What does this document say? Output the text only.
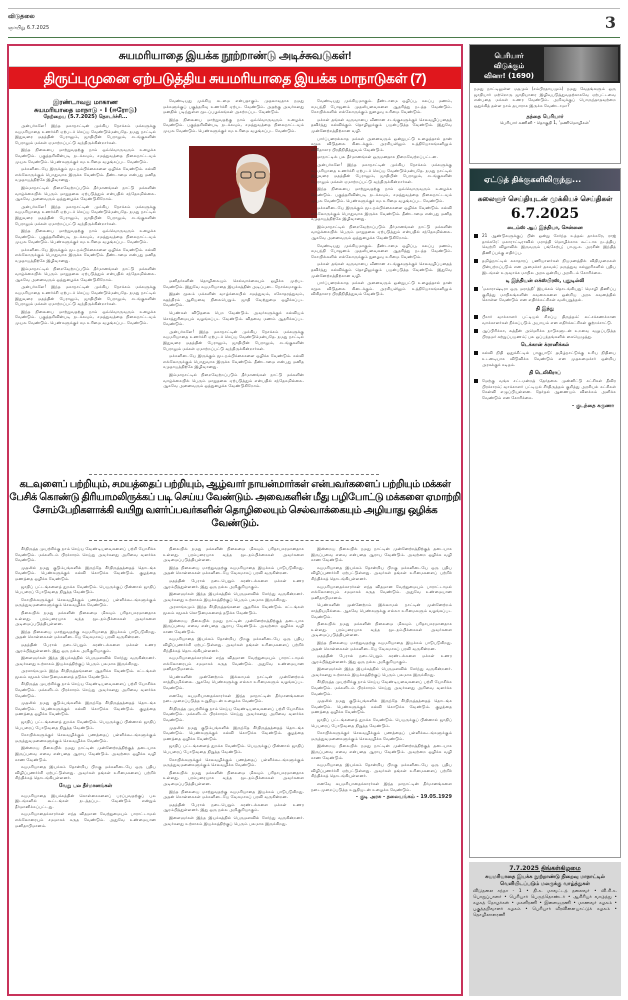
விடுதலை
ஞாயிறு 6.7.2025	3
சுயமரியாதை இயக்க நூற்றாண்டு அடிச்சுவடுகள்!
திருப்புமுனை ஏற்படுத்திய சுயமரியாதை இயக்க மாநாடுகள் (7)
இரண்டாவது மாகாண
சுயமரியாதை மாநாடு - I (ஈரோடு)
நேற்றைய (5.7.2025) தொடர்ச்சி...

அன்பர்களே! இந்த மகாநாட்டின் முக்கிய நோக்கம் மக்களுக்கு சுயமரியாதை உணர்ச்சி ஏற்படச் செய்ய வேண்டுமென்பதே. நமது நாட்டில் இதுவரை மதத்தின் பேராலும், ஜாதியின் பேராலும், சடங்குகளின் பேராலும் மக்கள் ஏமாற்றப்பட்டு வந்திருக்கின்றார்கள்.

இந்த நிலையை மாற்றுவதற்கு நாம் ஒவ்வொருவரும் உழைக்க வேண்டும். பகுத்தறிவின்படி நடக்கவும், சமத்துவத்தை நிலைநாட்டவும் முயல வேண்டும். பெண்களுக்குச் சம உரிமை வழங்கப்பட வேண்டும்.

மக்களிடையே இருக்கும் மூடநம்பிக்கைகளை ஒழிக்க வேண்டும். கல்வி எல்லோருக்கும் பொதுவாக இருக்க வேண்டும். தீண்டாமை என்பது மனித சமுதாயத்திற்கே இழிவானது.

இம்மாநாட்டில் நிறைவேற்றப்படும் தீர்மானங்கள் நாட்டு மக்களின் வாழ்க்கையில் பெரும் மாறுதலை ஏற்படுத்தும் என்பதில் சந்தேகமில்லை. ஆகவே அனைவரும் ஒத்துழைக்க வேண்டுகிறோம்.

அன்பர்களே! இந்த மகாநாட்டின் முக்கிய நோக்கம் மக்களுக்கு சுயமரியாதை உணர்ச்சி ஏற்படச் செய்ய வேண்டுமென்பதே. நமது நாட்டில் இதுவரை மதத்தின் பேராலும், ஜாதியின் பேராலும், சடங்குகளின் பேராலும் மக்கள் ஏமாற்றப்பட்டு வந்திருக்கின்றார்கள்.

இந்த நிலையை மாற்றுவதற்கு நாம் ஒவ்வொருவரும் உழைக்க வேண்டும். பகுத்தறிவின்படி நடக்கவும், சமத்துவத்தை நிலைநாட்டவும் முயல வேண்டும். பெண்களுக்குச் சம உரிமை வழங்கப்பட வேண்டும்.

மக்களிடையே இருக்கும் மூடநம்பிக்கைகளை ஒழிக்க வேண்டும். கல்வி எல்லோருக்கும் பொதுவாக இருக்க வேண்டும். தீண்டாமை என்பது மனித சமுதாயத்திற்கே இழிவானது.

இம்மாநாட்டில் நிறைவேற்றப்படும் தீர்மானங்கள் நாட்டு மக்களின் வாழ்க்கையில் பெரும் மாறுதலை ஏற்படுத்தும் என்பதில் சந்தேகமில்லை. ஆகவே அனைவரும் ஒத்துழைக்க வேண்டுகிறோம்.

அன்பர்களே! இந்த மகாநாட்டின் முக்கிய நோக்கம் மக்களுக்கு சுயமரியாதை உணர்ச்சி ஏற்படச் செய்ய வேண்டுமென்பதே. நமது நாட்டில் இதுவரை மதத்தின் பேராலும், ஜாதியின் பேராலும், சடங்குகளின் பேராலும் மக்கள் ஏமாற்றப்பட்டு வந்திருக்கின்றார்கள்.

இந்த நிலையை மாற்றுவதற்கு நாம் ஒவ்வொருவரும் உழைக்க வேண்டும். பகுத்தறிவின்படி நடக்கவும், சமத்துவத்தை நிலைநாட்டவும் முயல வேண்டும். பெண்களுக்குச் சம உரிமை வழங்கப்பட வேண்டும்.

வேண்டியது முக்கிய கடமை என்பதாகும். முதலாவதாக நமது மக்களுக்குப் பகுத்தறிவு உணர்ச்சி ஏற்பட வேண்டும். அதற்கு அவர்களது மனதில் படிந்துள்ள மூடப்பழக்கங்கள் அகற்றப்பட வேண்டும்.

இந்த நிலையை மாற்றுவதற்கு நாம் ஒவ்வொருவரும் உழைக்க வேண்டும். பகுத்தறிவின்படி நடக்கவும், சமத்துவத்தை நிலைநாட்டவும் முயல வேண்டும். பெண்களுக்குச் சம உரிமை வழங்கப்பட வேண்டும்.

மனிதர்களின் தொழிலையும் செல்வாக்கையும் ஒழிக்க முற்பட வேண்டும். இதுவே சுயமரியாதை இயக்கத்தின் அடிப்படை நோக்கமாகும்.

இதன் மூலம் மக்களின் வாழ்க்கையில் சமத்துவம், சகோதரத்துவம், சுதந்திரம் ஆகியவை நிலைபெறும். ஜாதி வேற்றுமை ஒழிக்கப்பட வேண்டும்.

பெண்கள் விடுதலை பெற வேண்டும். அவர்களுக்குக் கல்வியும் சொத்துரிமையும் வழங்கப்பட வேண்டும். விதவை மணம் ஆதரிக்கப்பட வேண்டும்.

அன்பர்களே! இந்த மகாநாட்டின் முக்கிய நோக்கம் மக்களுக்கு சுயமரியாதை உணர்ச்சி ஏற்படச் செய்ய வேண்டுமென்பதே. நமது நாட்டில் இதுவரை மதத்தின் பேராலும், ஜாதியின் பேராலும், சடங்குகளின் பேராலும் மக்கள் ஏமாற்றப்பட்டு வந்திருக்கின்றார்கள்.

மக்களிடையே இருக்கும் மூடநம்பிக்கைகளை ஒழிக்க வேண்டும். கல்வி எல்லோருக்கும் பொதுவாக இருக்க வேண்டும். தீண்டாமை என்பது மனித சமுதாயத்திற்கே இழிவானது.

இம்மாநாட்டில் நிறைவேற்றப்படும் தீர்மானங்கள் நாட்டு மக்களின் வாழ்க்கையில் பெரும் மாறுதலை ஏற்படுத்தும் என்பதில் சந்தேகமில்லை. ஆகவே அனைவரும் ஒத்துழைக்க வேண்டுகிறோம்.

வேண்டியது முக்கியமாகும். தீண்டாமை ஒழிப்பு, கலப்பு மணம், சமபந்தி போஜனம் முதலியவைகளை ஆதரித்து நடத்த வேண்டும். கோயில்களில் எல்லோருக்கும் நுழைவு உரிமை வேண்டும்.

மக்கள் தங்கள் வருவாயை வீணான சடங்குகளுக்குச் செலவழிப்பதைத் தவிர்த்து கல்விக்கும் தொழிலுக்கும் பயன்படுத்த வேண்டும். இதுவே முன்னேற்றத்திற்கான வழி.

பார்ப்பனரல்லாத மக்கள் அனைவரும் ஒன்றுபட்டு உழைத்தால் தான் சமூக விடுதலை கிடைக்கும். அரசியலிலும் உத்தியோகங்களிலும் விகிதாசார பிரதிநிதித்துவம் வேண்டும்.

மாநாட்டில் பல தீர்மானங்கள் ஒருமனதாக நிறைவேற்றப்பட்டன.

அன்பர்களே! இந்த மகாநாட்டின் முக்கிய நோக்கம் மக்களுக்கு சுயமரியாதை உணர்ச்சி ஏற்படச் செய்ய வேண்டுமென்பதே. நமது நாட்டில் இதுவரை மதத்தின் பேராலும், ஜாதியின் பேராலும், சடங்குகளின் பேராலும் மக்கள் ஏமாற்றப்பட்டு வந்திருக்கின்றார்கள்.

இந்த நிலையை மாற்றுவதற்கு நாம் ஒவ்வொருவரும் உழைக்க வேண்டும். பகுத்தறிவின்படி நடக்கவும், சமத்துவத்தை நிலைநாட்டவும் முயல வேண்டும். பெண்களுக்குச் சம உரிமை வழங்கப்பட வேண்டும்.

மக்களிடையே இருக்கும் மூடநம்பிக்கைகளை ஒழிக்க வேண்டும். கல்வி எல்லோருக்கும் பொதுவாக இருக்க வேண்டும். தீண்டாமை என்பது மனித சமுதாயத்திற்கே இழிவானது.

இம்மாநாட்டில் நிறைவேற்றப்படும் தீர்மானங்கள் நாட்டு மக்களின் வாழ்க்கையில் பெரும் மாறுதலை ஏற்படுத்தும் என்பதில் சந்தேகமில்லை. ஆகவே அனைவரும் ஒத்துழைக்க வேண்டுகிறோம்.

வேண்டியது முக்கியமாகும். தீண்டாமை ஒழிப்பு, கலப்பு மணம், சமபந்தி போஜனம் முதலியவைகளை ஆதரித்து நடத்த வேண்டும். கோயில்களில் எல்லோருக்கும் நுழைவு உரிமை வேண்டும்.

மக்கள் தங்கள் வருவாயை வீணான சடங்குகளுக்குச் செலவழிப்பதைத் தவிர்த்து கல்விக்கும் தொழிலுக்கும் பயன்படுத்த வேண்டும். இதுவே முன்னேற்றத்திற்கான வழி.

பார்ப்பனரல்லாத மக்கள் அனைவரும் ஒன்றுபட்டு உழைத்தால் தான் சமூக விடுதலை கிடைக்கும். அரசியலிலும் உத்தியோகங்களிலும் விகிதாசார பிரதிநிதித்துவம் வேண்டும்.

கடவுளைப் பற்றியும், சமயத்தைப் பற்றியும், ஆழ்வார் நாயன்மார்கள் என்பவர்களைப் பற்றியும் மக்கள் பேசிக் கொண்டு திரியாமலிருக்கப் படி செய்ய வேண்டும். அவைகளின் மீது பழிபோட்டு மக்களை ஏமாற்றி சோம்பேறிகளாக்கி வயிறு வளர்ப்பவர்களின் தொழிலையும் செல்வாக்கையும் அழியாது ஒழிக்க வேண்டும்.

சீர்திருத்த முயற்சிக்கு நாம் செய்ய வேண்டியவைகளைப் பற்றி யோசிக்க வேண்டும். மக்களிடம் பிரச்சாரம் செய்து அவர்களது அறிவை வளர்க்க வேண்டும்.

முதலில் நமது குடும்பங்களில் இருந்தே சீர்திருத்தத்தைத் தொடங்க வேண்டும். பெண்களுக்குக் கல்வி கொடுக்க வேண்டும். குழந்தை மணத்தை ஒழிக்க வேண்டும்.

ஜாதிப் பட்டங்களைத் துறக்க வேண்டும். பெயருக்குப் பின்னால் ஜாதிப் பெயரைப் போடுவதை நிறுத்த வேண்டும்.

கோயில்களுக்குச் செலவழிக்கும் பணத்தைப் பள்ளிக்கூடங்களுக்கும் மருத்துவமனைகளுக்கும் செலவழிக்க வேண்டும்.

நிலையில் நமது மக்களின் நிலைமை மிகவும் பரிதாபகரமானதாக உள்ளது. பரம்பரையாக வந்த மூடநம்பிக்கைகள் அவர்களை அடிமைப்படுத்தியுள்ளன.

இந்த நிலையை மாற்றுவதற்கு சுயமரியாதை இயக்கம் பாடுபடுகிறது. அதன் கொள்கைகள் மக்களிடையே வேகமாகப் பரவி வருகின்றன.

மதத்தின் பேரால் நடைபெறும் சுரண்டல்களை மக்கள் உணர ஆரம்பித்துள்ளனர். இது ஒரு நல்ல அறிகுறியாகும்.

இளைஞர்கள் இந்த இயக்கத்தில் பெருமளவில் சேர்ந்து வருகின்றனர். அவர்களது உற்சாகம் இயக்கத்திற்குப் பெரும் பலமாக இருக்கிறது.

அரசாங்கமும் இந்த சீர்திருத்தங்களை ஆதரிக்க வேண்டும். சட்டங்கள் மூலம் சமூகக் கொடுமைகளைத் தடுக்க வேண்டும்.

சீர்திருத்த முயற்சிக்கு நாம் செய்ய வேண்டியவைகளைப் பற்றி யோசிக்க வேண்டும். மக்களிடம் பிரச்சாரம் செய்து அவர்களது அறிவை வளர்க்க வேண்டும்.

முதலில் நமது குடும்பங்களில் இருந்தே சீர்திருத்தத்தைத் தொடங்க வேண்டும். பெண்களுக்குக் கல்வி கொடுக்க வேண்டும். குழந்தை மணத்தை ஒழிக்க வேண்டும்.

ஜாதிப் பட்டங்களைத் துறக்க வேண்டும். பெயருக்குப் பின்னால் ஜாதிப் பெயரைப் போடுவதை நிறுத்த வேண்டும்.

கோயில்களுக்குச் செலவழிக்கும் பணத்தைப் பள்ளிக்கூடங்களுக்கும் மருத்துவமனைகளுக்கும் செலவழிக்க வேண்டும்.

இன்றைய நிலையில் நமது நாட்டின் முன்னேற்றத்திற்குத் தடையாக இருப்பவை எவை என்பதை ஆராய வேண்டும். அவற்றை ஒழிக்க வழி காண வேண்டும்.

சுயமரியாதை இயக்கம் தோன்றிய பிறகு மக்களிடையே ஒரு புதிய விழிப்புணர்ச்சி ஏற்பட்டுள்ளது. அவர்கள் தங்கள் உரிமைகளைப் பற்றிச் சிந்திக்கத் தொடங்கியுள்ளனர்.

வேறு பல தீர்மானங்கள்

சுயமரியாதை இயக்கத்தின் கொள்கைகளைப் பரப்புவதற்குப் பல இடங்களில் கூட்டங்கள் நடத்தப்பட வேண்டும் என்றும் தீர்மானிக்கப்பட்டது.

சுயமரியாதைக்காரர்கள் எந்த விதமான வேற்றுமையும் பாராட்டாமல் எல்லோரையும் சமமாகக் கருத வேண்டும். அதுவே உண்மையான மனிதாபிமானம்.

நிலையில் நமது மக்களின் நிலைமை மிகவும் பரிதாபகரமானதாக உள்ளது. பரம்பரையாக வந்த மூடநம்பிக்கைகள் அவர்களை அடிமைப்படுத்தியுள்ளன.

இந்த நிலையை மாற்றுவதற்கு சுயமரியாதை இயக்கம் பாடுபடுகிறது. அதன் கொள்கைகள் மக்களிடையே வேகமாகப் பரவி வருகின்றன.

மதத்தின் பேரால் நடைபெறும் சுரண்டல்களை மக்கள் உணர ஆரம்பித்துள்ளனர். இது ஒரு நல்ல அறிகுறியாகும்.

இளைஞர்கள் இந்த இயக்கத்தில் பெருமளவில் சேர்ந்து வருகின்றனர். அவர்களது உற்சாகம் இயக்கத்திற்குப் பெரும் பலமாக இருக்கிறது.

அரசாங்கமும் இந்த சீர்திருத்தங்களை ஆதரிக்க வேண்டும். சட்டங்கள் மூலம் சமூகக் கொடுமைகளைத் தடுக்க வேண்டும்.

இன்றைய நிலையில் நமது நாட்டின் முன்னேற்றத்திற்குத் தடையாக இருப்பவை எவை என்பதை ஆராய வேண்டும். அவற்றை ஒழிக்க வழி காண வேண்டும்.

சுயமரியாதை இயக்கம் தோன்றிய பிறகு மக்களிடையே ஒரு புதிய விழிப்புணர்ச்சி ஏற்பட்டுள்ளது. அவர்கள் தங்கள் உரிமைகளைப் பற்றிச் சிந்திக்கத் தொடங்கியுள்ளனர்.

சுயமரியாதைக்காரர்கள் எந்த விதமான வேற்றுமையும் பாராட்டாமல் எல்லோரையும் சமமாகக் கருத வேண்டும். அதுவே உண்மையான மனிதாபிமானம்.

பெண்களின் முன்னேற்றம் இல்லாமல் நாட்டின் முன்னேற்றம் சாத்தியமில்லை. ஆகவே பெண்களுக்கு எல்லா உரிமைகளும் வழங்கப்பட வேண்டும்.

எனவே சுயமரியாதைக்காரர்கள் இந்த மாநாட்டின் தீர்மானங்களை நடைமுறைப்படுத்த உறுதியுடன் உழைக்க வேண்டும்.

சீர்திருத்த முயற்சிக்கு நாம் செய்ய வேண்டியவைகளைப் பற்றி யோசிக்க வேண்டும். மக்களிடம் பிரச்சாரம் செய்து அவர்களது அறிவை வளர்க்க வேண்டும்.

முதலில் நமது குடும்பங்களில் இருந்தே சீர்திருத்தத்தைத் தொடங்க வேண்டும். பெண்களுக்குக் கல்வி கொடுக்க வேண்டும். குழந்தை மணத்தை ஒழிக்க வேண்டும்.

ஜாதிப் பட்டங்களைத் துறக்க வேண்டும். பெயருக்குப் பின்னால் ஜாதிப் பெயரைப் போடுவதை நிறுத்த வேண்டும்.

கோயில்களுக்குச் செலவழிக்கும் பணத்தைப் பள்ளிக்கூடங்களுக்கும் மருத்துவமனைகளுக்கும் செலவழிக்க வேண்டும்.

நிலையில் நமது மக்களின் நிலைமை மிகவும் பரிதாபகரமானதாக உள்ளது. பரம்பரையாக வந்த மூடநம்பிக்கைகள் அவர்களை அடிமைப்படுத்தியுள்ளன.

இந்த நிலையை மாற்றுவதற்கு சுயமரியாதை இயக்கம் பாடுபடுகிறது. அதன் கொள்கைகள் மக்களிடையே வேகமாகப் பரவி வருகின்றன.

மதத்தின் பேரால் நடைபெறும் சுரண்டல்களை மக்கள் உணர ஆரம்பித்துள்ளனர். இது ஒரு நல்ல அறிகுறியாகும்.

இளைஞர்கள் இந்த இயக்கத்தில் பெருமளவில் சேர்ந்து வருகின்றனர். அவர்களது உற்சாகம் இயக்கத்திற்குப் பெரும் பலமாக இருக்கிறது.

இன்றைய நிலையில் நமது நாட்டின் முன்னேற்றத்திற்குத் தடையாக இருப்பவை எவை என்பதை ஆராய வேண்டும். அவற்றை ஒழிக்க வழி காண வேண்டும்.

சுயமரியாதை இயக்கம் தோன்றிய பிறகு மக்களிடையே ஒரு புதிய விழிப்புணர்ச்சி ஏற்பட்டுள்ளது. அவர்கள் தங்கள் உரிமைகளைப் பற்றிச் சிந்திக்கத் தொடங்கியுள்ளனர்.

சுயமரியாதைக்காரர்கள் எந்த விதமான வேற்றுமையும் பாராட்டாமல் எல்லோரையும் சமமாகக் கருத வேண்டும். அதுவே உண்மையான மனிதாபிமானம்.

பெண்களின் முன்னேற்றம் இல்லாமல் நாட்டின் முன்னேற்றம் சாத்தியமில்லை. ஆகவே பெண்களுக்கு எல்லா உரிமைகளும் வழங்கப்பட வேண்டும்.

நிலையில் நமது மக்களின் நிலைமை மிகவும் பரிதாபகரமானதாக உள்ளது. பரம்பரையாக வந்த மூடநம்பிக்கைகள் அவர்களை அடிமைப்படுத்தியுள்ளன.

இந்த நிலையை மாற்றுவதற்கு சுயமரியாதை இயக்கம் பாடுபடுகிறது. அதன் கொள்கைகள் மக்களிடையே வேகமாகப் பரவி வருகின்றன.

மதத்தின் பேரால் நடைபெறும் சுரண்டல்களை மக்கள் உணர ஆரம்பித்துள்ளனர். இது ஒரு நல்ல அறிகுறியாகும்.

இளைஞர்கள் இந்த இயக்கத்தில் பெருமளவில் சேர்ந்து வருகின்றனர். அவர்களது உற்சாகம் இயக்கத்திற்குப் பெரும் பலமாக இருக்கிறது.

சீர்திருத்த முயற்சிக்கு நாம் செய்ய வேண்டியவைகளைப் பற்றி யோசிக்க வேண்டும். மக்களிடம் பிரச்சாரம் செய்து அவர்களது அறிவை வளர்க்க வேண்டும்.

முதலில் நமது குடும்பங்களில் இருந்தே சீர்திருத்தத்தைத் தொடங்க வேண்டும். பெண்களுக்குக் கல்வி கொடுக்க வேண்டும். குழந்தை மணத்தை ஒழிக்க வேண்டும்.

ஜாதிப் பட்டங்களைத் துறக்க வேண்டும். பெயருக்குப் பின்னால் ஜாதிப் பெயரைப் போடுவதை நிறுத்த வேண்டும்.

கோயில்களுக்குச் செலவழிக்கும் பணத்தைப் பள்ளிக்கூடங்களுக்கும் மருத்துவமனைகளுக்கும் செலவழிக்க வேண்டும்.

இன்றைய நிலையில் நமது நாட்டின் முன்னேற்றத்திற்குத் தடையாக இருப்பவை எவை என்பதை ஆராய வேண்டும். அவற்றை ஒழிக்க வழி காண வேண்டும்.

சுயமரியாதை இயக்கம் தோன்றிய பிறகு மக்களிடையே ஒரு புதிய விழிப்புணர்ச்சி ஏற்பட்டுள்ளது. அவர்கள் தங்கள் உரிமைகளைப் பற்றிச் சிந்திக்கத் தொடங்கியுள்ளனர்.

எனவே சுயமரியாதைக்காரர்கள் இந்த மாநாட்டின் தீர்மானங்களை நடைமுறைப்படுத்த உறுதியுடன் உழைக்க வேண்டும்.

- குடி அரசு - தலையங்கம் - 19.05.1929
பெரியார்
விடுக்கும்
வினா! (1690)
நமது நாட்டிலுள்ள மதமும் (சம்பிரதாயமும்) நமது வேதங்களும் ஒரு ஜாதியார் மற்றொரு ஜாதியாரை இழிவுபடுத்துவதற்காகவே ஏற்பட்டவை என்பதை மக்கள் உணர வேண்டும். அறிவுக்குப் பொருந்தாதவற்றை ஒதுக்கித் தள்ள நாம் தயாராக இருக்க வேண்டாமா?
தந்தை பெரியார்
பெரியார் கணினி - தொகுதி 1, 'மணிமொழிகள்'
ஏட்டுத் திக்குகளிலிருந்து...
கலைஞர் செய்தியுடன் முக்கியச் செய்திகள்
6.7.2025
டைம்ஸ் ஆப் இந்தியா, சென்னை
21 ஆண்டுகளுக்குப் பின் ஒன்று சேர்ந்த உத்தவ் தாக்கரே, ராஜ் தாக்கரே: மகாராட்டிராவில் மராத்தி மொழிக்காக கூட்டாக நடத்திய வெற்றி விழாவில் இருவரும் பங்கேற்பு; பா.ஜ.க. அரசின் இந்தித் திணிப்புக்கு எதிர்ப்பு.
தமிழ்நாட்டில் சுகாதாரப் பணியாளர்கள் நியமனத்தில் விதிமுறைகள் பின்பற்றப்படும் என அமைச்சர் தகவல்; மருத்துவ கல்லூரிகளில் புதிய இடங்கள் உருவாக்க மாநில அரசு ஒன்றிய அரசிடம் கோரிக்கை.
டி இந்தியன் எக்ஸ்பிரஸ், புதுடில்லி
'மகாராஷ்டிரா ஒரு மராத்தி' இயக்கம் தொடங்கியது: மொழி திணிப்பு குறித்து மாநிலங்களின் கவலைகளை ஒன்றிய அரசு கவனத்தில் கொள்ள வேண்டும் என எதிர்க்கட்சிகள் வலியுறுத்தல்.
தி இந்து
பீகார் வாக்காளர் பட்டியல் சிறப்பு திருத்தம்: லட்சக்கணக்கான வாக்காளர்கள் நீக்கப்படும் அபாயம் என எதிர்க்கட்சிகள் குற்றச்சாட்டு.
ஆப்பிரிக்கா, லத்தீன் அமெரிக்க நாடுகளுடன் உறவை வலுப்படுத்த பிரதமர் சுற்றுப்பயணம்; பல ஒப்பந்தங்களில் கையெழுத்து.
டெக்கான் க்ரானிக்கல்
கல்வி நிதி ஒதுக்கீட்டில் பாகுபாடு: தமிழ்நாட்டுக்கு உரிய நிதியை உடனடியாக விடுவிக்க வேண்டும் என முதலமைச்சர் ஒன்றிய அரசுக்குக் கடிதம்.
தி டெலிகிராப்
மேற்கு வங்க சட்டமன்றத் தேர்தலை முன்னிட்டு கட்சிகள் தீவிர பிரச்சாரம்; வாக்காளர் பட்டியல் சீர்திருத்தம் குறித்து அரசியல் கட்சிகள் கேள்வி எழுப்பியுள்ளன. தேர்தல் ஆணையம் விளக்கம் அளிக்க வேண்டும் என கோரிக்கை.
- குடந்தை கருணா
7.7.2025 திங்கள்கிழமை
சுயமரியாதை இயக்க நூற்றாண்டு நிறைவு மாநாட்டில் வெளியிடப்படும் மலருக்கு வாழ்த்துகள்
விடுதலை சந்தா - 1 • தி.க. மாவட்டத் தலைவர் • வி.சி.க. பொறுப்பாளர் • பெரியார் பெருந்தொண்டர் • ஆசிரியர் வாழ்த்து • கழகத் தோழர்கள் • மகளிரணி • இளைஞரணி • மாணவர் கழகம் • பகுத்தறிவாளர் கழகம் • பெரியார் வீரவிளையாட்டுக் கழகம் • தொழிலாளரணி
